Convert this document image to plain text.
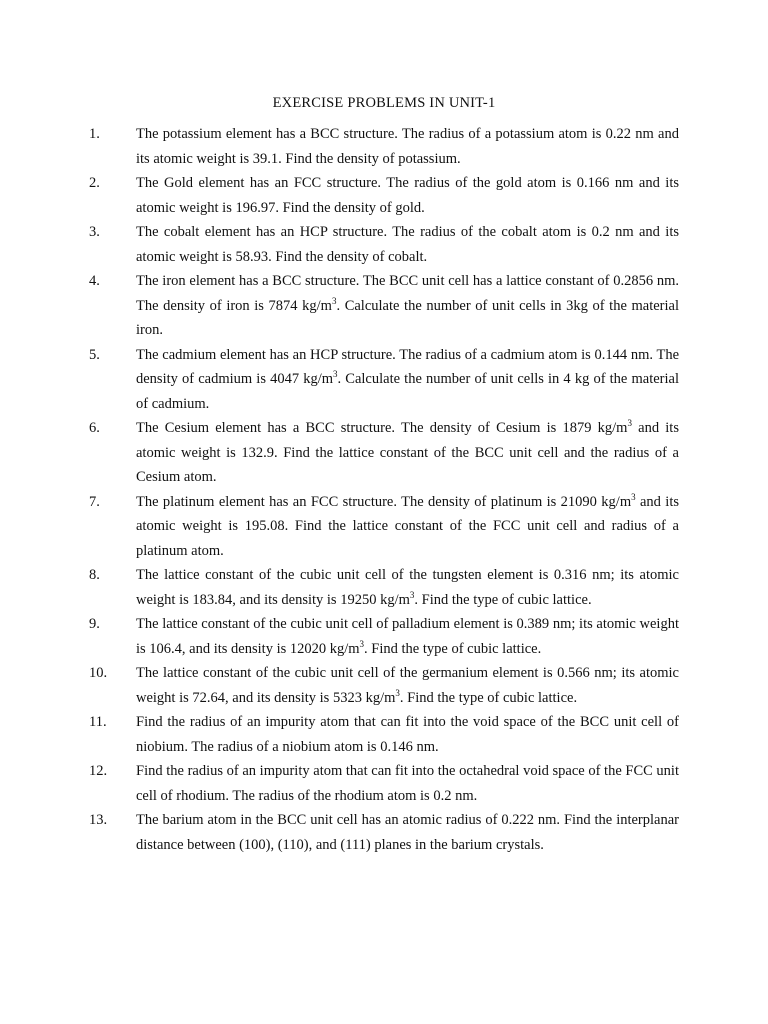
EXERCISE PROBLEMS IN UNIT-1
1. The potassium element has a BCC structure. The radius of a potassium atom is 0.22 nm and its atomic weight is 39.1. Find the density of potassium.
2. The Gold element has an FCC structure. The radius of the gold atom is 0.166 nm and its atomic weight is 196.97. Find the density of gold.
3. The cobalt element has an HCP structure. The radius of the cobalt atom is 0.2 nm and its atomic weight is 58.93. Find the density of cobalt.
4. The iron element has a BCC structure. The BCC unit cell has a lattice constant of 0.2856 nm. The density of iron is 7874 $kg/m^3$. Calculate the number of unit cells in 3kg of the material iron.
5. The cadmium element has an HCP structure. The radius of a cadmium atom is 0.144 nm. The density of cadmium is 4047 $kg/m^3$. Calculate the number of unit cells in 4 kg of the material of cadmium.
6. The Cesium element has a BCC structure. The density of Cesium is 1879 $kg/m^3$ and its atomic weight is 132.9. Find the lattice constant of the BCC unit cell and the radius of a Cesium atom.
7. The platinum element has an FCC structure. The density of platinum is 21090 $kg/m^3$ and its atomic weight is 195.08. Find the lattice constant of the FCC unit cell and radius of a platinum atom.
8. The lattice constant of the cubic unit cell of the tungsten element is 0.316 nm; its atomic weight is 183.84, and its density is 19250 $kg/m^3$. Find the type of cubic lattice.
9. The lattice constant of the cubic unit cell of palladium element is 0.389 nm; its atomic weight is 106.4, and its density is 12020 $kg/m^3$. Find the type of cubic lattice.
10. The lattice constant of the cubic unit cell of the germanium element is 0.566 nm; its atomic weight is 72.64, and its density is 5323 $kg/m^3$. Find the type of cubic lattice.
11. Find the radius of an impurity atom that can fit into the void space of the BCC unit cell of niobium. The radius of a niobium atom is 0.146 nm.
12. Find the radius of an impurity atom that can fit into the octahedral void space of the FCC unit cell of rhodium. The radius of the rhodium atom is 0.2 nm.
13. The barium atom in the BCC unit cell has an atomic radius of 0.222 nm. Find the interplanar distance between (100), (110), and (111) planes in the barium crystals.
